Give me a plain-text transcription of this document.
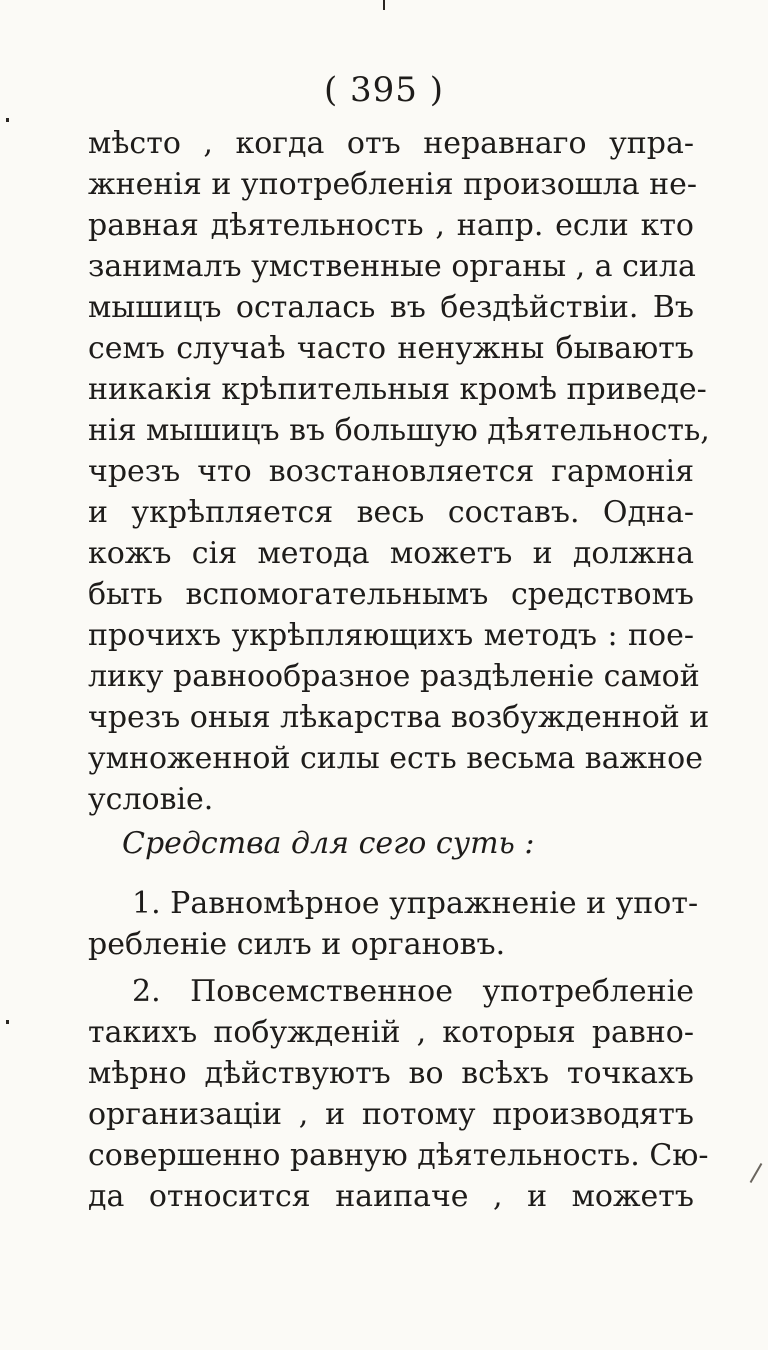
( 395 )
мѣсто , когда отъ неравнаго упра-
жненiя и употребленiя произошла не-
равная дѣятельность , напр. если кто
занималъ умственные органы , а сила
мышицъ осталась въ бездѣйствiи. Въ
семъ случаѣ часто ненужны бываютъ
никакiя крѣпительныя кромѣ приведе-
нiя мышицъ въ большую дѣятельность,
чрезъ что возстановляется гармонiя
и укрѣпляется весь составъ. Одна-
кожъ сiя метода можетъ и должна
быть вспомогательнымъ средствомъ
прочихъ укрѣпляющихъ методъ : пое-
лику равнообразное раздѣленiе самой
чрезъ оныя лѣкарства возбужденной и
умноженной силы есть весьма важное
условiе.
Средства для сего суть :
1. Равномѣрное упражненiе и упот-
ребленiе силъ и органовъ.
2. Повсемственное употребленiе
такихъ побужденiй , которыя равно-
мѣрно дѣйствуютъ во всѣхъ точкахъ
организацiи , и потому производятъ
совершенно равную дѣятельность. Сю-
да относится наипаче , и можетъ
